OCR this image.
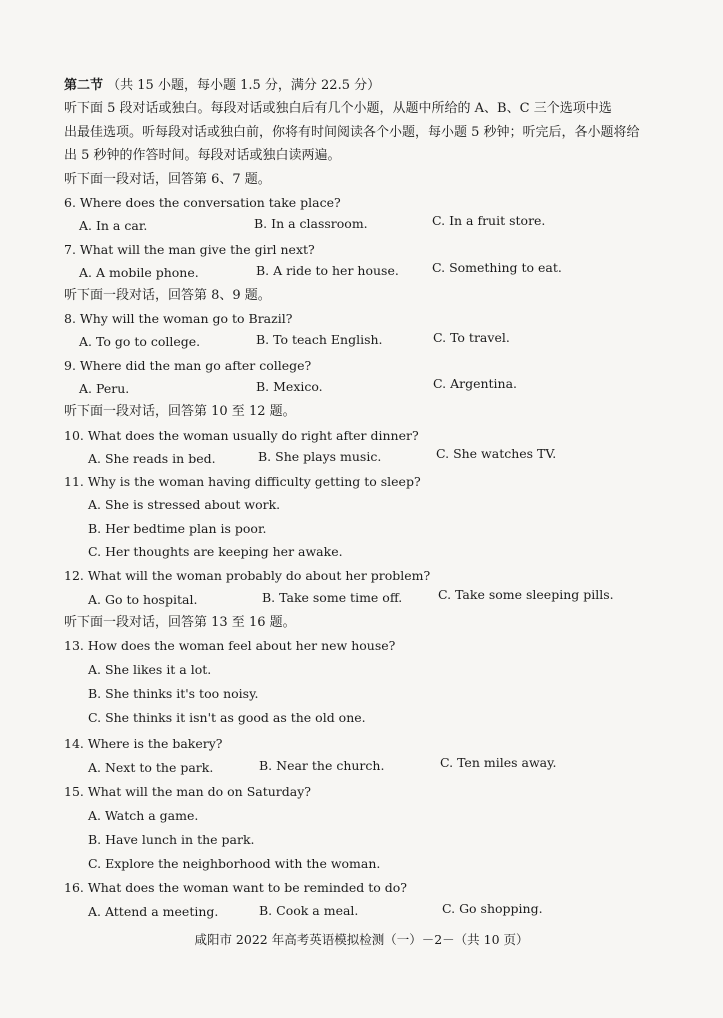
第二节 （共 15 小题，每小题 1.5 分，满分 22.5 分）
听下面 5 段对话或独白。每段对话或独白后有几个小题，从题中所给的 A、B、C 三个选项中选
出最佳选项。听每段对话或独白前，你将有时间阅读各个小题，每小题 5 秒钟；听完后，各小题将给
出 5 秒钟的作答时间。每段对话或独白读两遍。
听下面一段对话，回答第 6、7 题。
6. Where does the conversation take place?
A. In a car.	B. In a classroom.	C. In a fruit store.
7. What will the man give the girl next?
A. A mobile phone.	B. A ride to her house.	C. Something to eat.
听下面一段对话，回答第 8、9 题。
8. Why will the woman go to Brazil?
A. To go to college.	B. To teach English.	C. To travel.
9. Where did the man go after college?
A. Peru.	B. Mexico.	C. Argentina.
听下面一段对话，回答第 10 至 12 题。
10. What does the woman usually do right after dinner?
A. She reads in bed.	B. She plays music.	C. She watches TV.
11. Why is the woman having difficulty getting to sleep?
A. She is stressed about work.
B. Her bedtime plan is poor.
C. Her thoughts are keeping her awake.
12. What will the woman probably do about her problem?
A. Go to hospital.	B. Take some time off.	C. Take some sleeping pills.
听下面一段对话，回答第 13 至 16 题。
13. How does the woman feel about her new house?
A. She likes it a lot.
B. She thinks it's too noisy.
C. She thinks it isn't as good as the old one.
14. Where is the bakery?
A. Next to the park.	B. Near the church.	C. Ten miles away.
15. What will the man do on Saturday?
A. Watch a game.
B. Have lunch in the park.
C. Explore the neighborhood with the woman.
16. What does the woman want to be reminded to do?
A. Attend a meeting.	B. Cook a meal.	C. Go shopping.
咸阳市 2022 年高考英语模拟检测（一）－2－（共 10 页）
